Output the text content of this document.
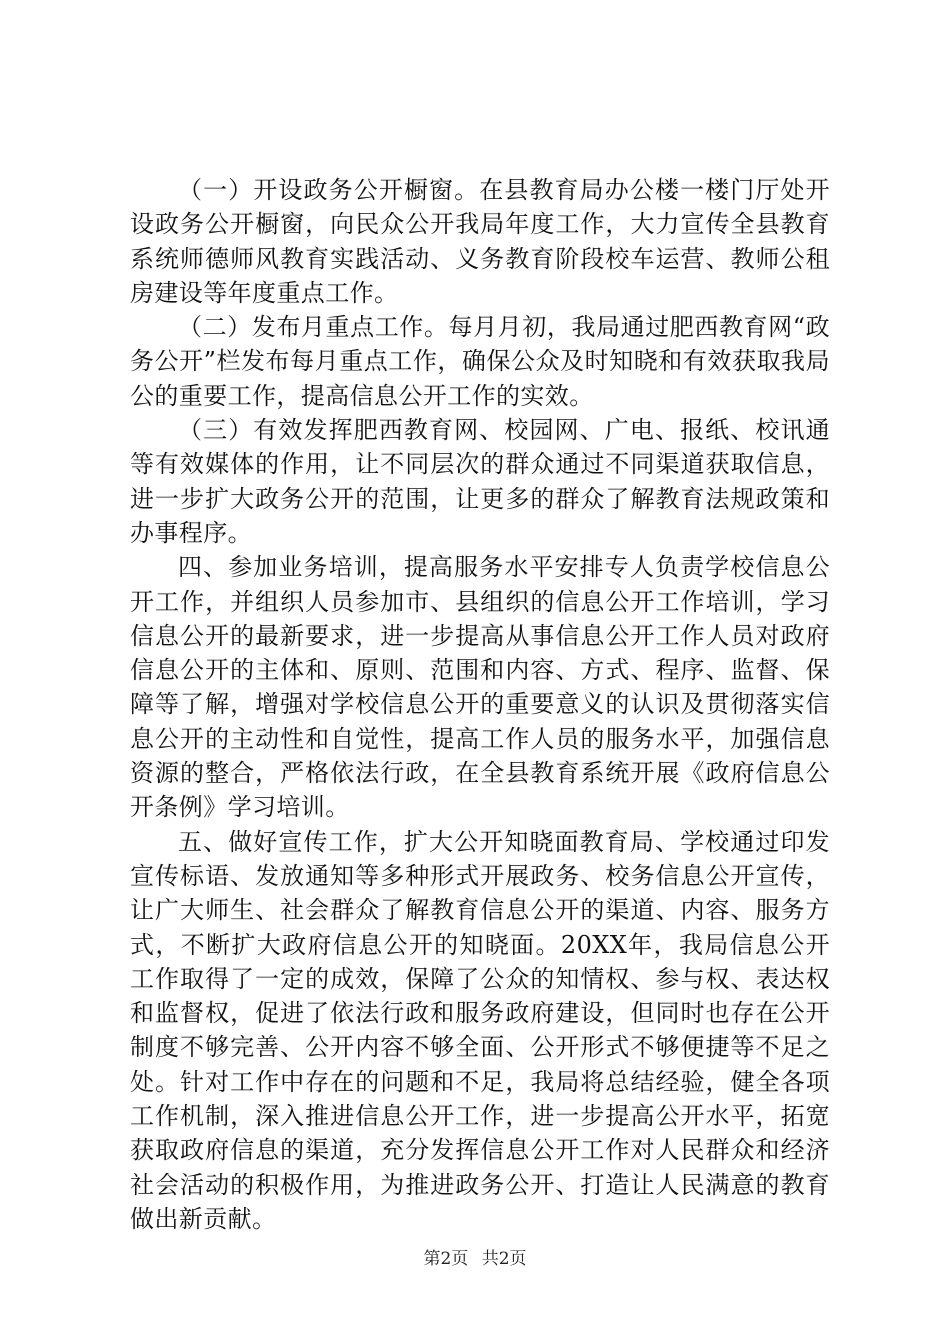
（一）开设政务公开橱窗。在县教育局办公楼一楼门厅处开设政务公开橱窗，向民众公开我局年度工作，大力宣传全县教育系统师德师风教育实践活动、义务教育阶段校车运营、教师公租房建设等年度重点工作。

（二）发布月重点工作。每月月初，我局通过肥西教育网“政务公开”栏发布每月重点工作，确保公众及时知晓和有效获取我局公的重要工作，提高信息公开工作的实效。

（三）有效发挥肥西教育网、校园网、广电、报纸、校讯通等有效媒体的作用，让不同层次的群众通过不同渠道获取信息，进一步扩大政务公开的范围，让更多的群众了解教育法规政策和办事程序。

四、参加业务培训，提高服务水平安排专人负责学校信息公开工作，并组织人员参加市、县组织的信息公开工作培训，学习信息公开的最新要求，进一步提高从事信息公开工作人员对政府信息公开的主体和、原则、范围和内容、方式、程序、监督、保障等了解，增强对学校信息公开的重要意义的认识及贯彻落实信息公开的主动性和自觉性，提高工作人员的服务水平，加强信息资源的整合，严格依法行政，在全县教育系统开展《政府信息公开条例》学习培训。

五、做好宣传工作，扩大公开知晓面教育局、学校通过印发宣传标语、发放通知等多种形式开展政务、校务信息公开宣传，让广大师生、社会群众了解教育信息公开的渠道、内容、服务方式，不断扩大政府信息公开的知晓面。20XX年，我局信息公开工作取得了一定的成效，保障了公众的知情权、参与权、表达权和监督权，促进了依法行政和服务政府建设，但同时也存在公开制度不够完善、公开内容不够全面、公开形式不够便捷等不足之处。针对工作中存在的问题和不足，我局将总结经验，健全各项工作机制，深入推进信息公开工作，进一步提高公开水平，拓宽获取政府信息的渠道，充分发挥信息公开工作对人民群众和经济社会活动的积极作用，为推进政务公开、打造让人民满意的教育做出新贡献。

第2页 共2页
